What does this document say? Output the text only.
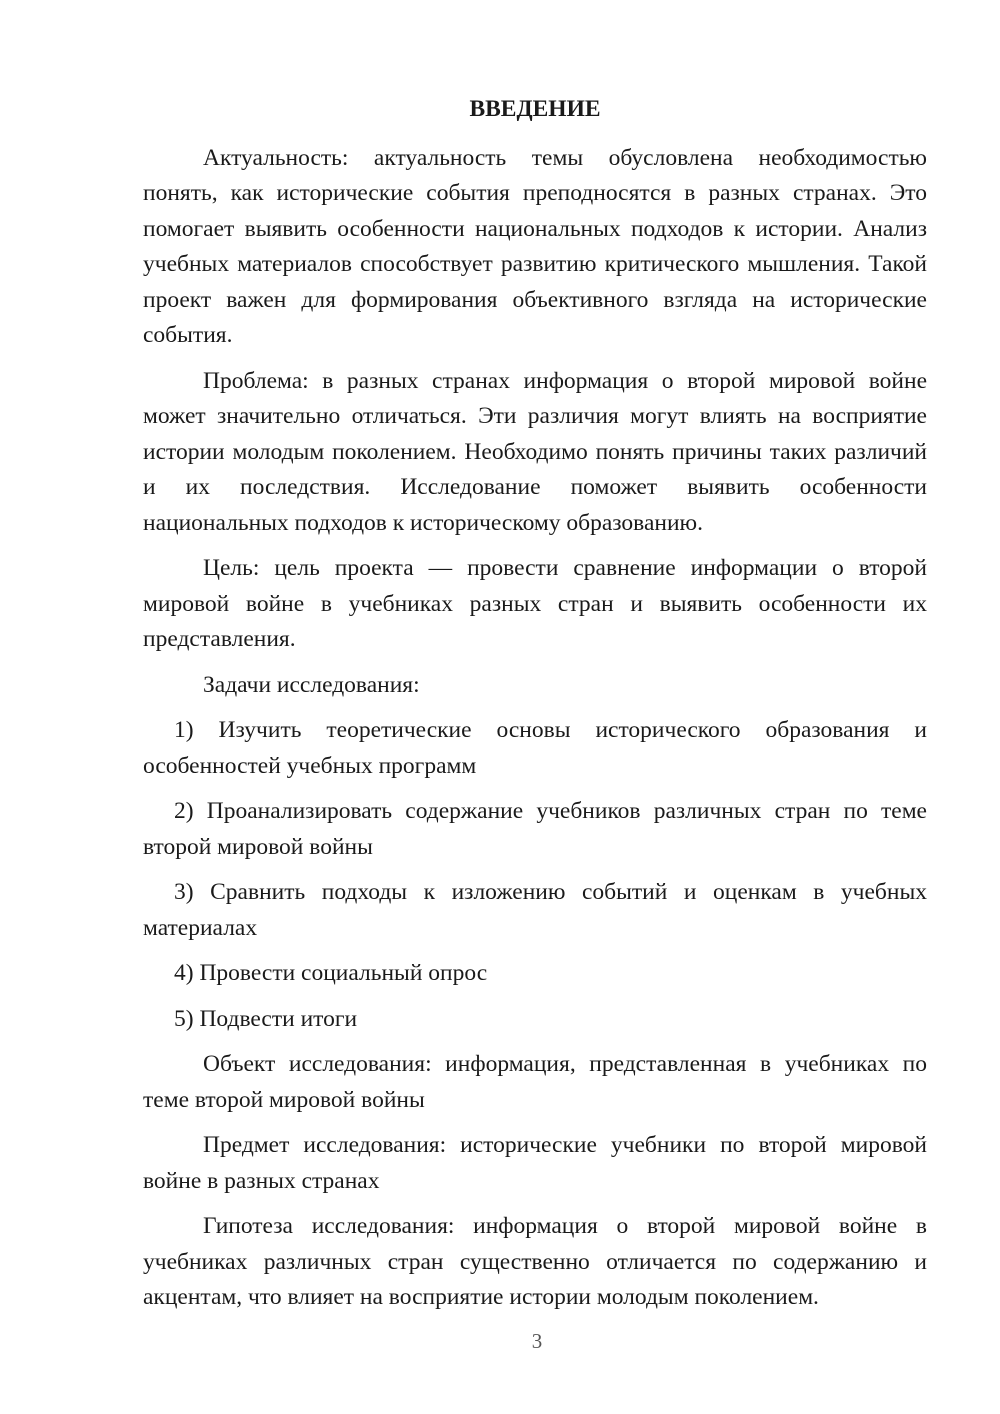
ВВЕДЕНИЕ

Актуальность: актуальность темы обусловлена необходимостью понять, как исторические события преподносятся в разных странах. Это помогает выявить особенности национальных подходов к истории. Анализ учебных материалов способствует развитию критического мышления. Такой проект важен для формирования объективного взгляда на исторические события.

Проблема: в разных странах информация о второй мировой войне может значительно отличаться. Эти различия могут влиять на восприятие истории молодым поколением. Необходимо понять причины таких различий и их последствия. Исследование поможет выявить особенности национальных подходов к историческому образованию.

Цель: цель проекта — провести сравнение информации о второй мировой войне в учебниках разных стран и выявить особенности их представления.

Задачи исследования:

1) Изучить теоретические основы исторического образования и особенностей учебных программ

2) Проанализировать содержание учебников различных стран по теме второй мировой войны

3) Сравнить подходы к изложению событий и оценкам в учебных материалах

4) Провести социальный опрос

5) Подвести итоги

Объект исследования: информация, представленная в учебниках по теме второй мировой войны

Предмет исследования: исторические учебники по второй мировой войне в разных странах

Гипотеза исследования: информация о второй мировой войне в учебниках различных стран существенно отличается по содержанию и акцентам, что влияет на восприятие истории молодым поколением.

3
